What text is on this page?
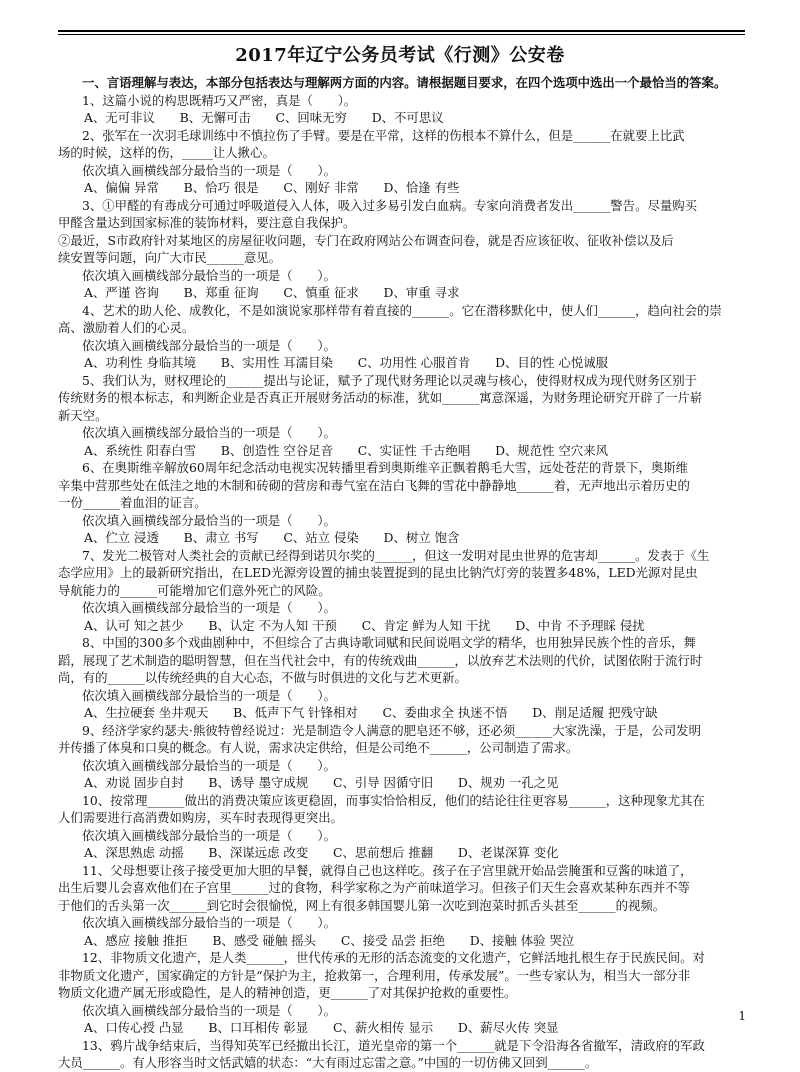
2017年辽宁公务员考试《行测》公安卷
一、言语理解与表达，本部分包括表达与理解两方面的内容。请根据题目要求，在四个选项中选出一个最恰当的答案。
1、这篇小说的构思既精巧又严密，真是（　　）。
A、无可非议　　B、无懈可击　　C、回味无穷　　D、不可思议
2、张军在一次羽毛球训练中不慎拉伤了手臂。要是在平常，这样的伤根本不算什么，但是______在就要上比武
场的时候，这样的伤，_____让人揪心。
依次填入画横线部分最恰当的一项是（　　）。
A、偏偏 异常　　B、恰巧 很是　　C、刚好 非常　　D、恰逢 有些
3、①甲醛的有毒成分可通过呼吸道侵入人体，吸入过多易引发白血病。专家向消费者发出______警告。尽量购买
甲醛含量达到国家标准的装饰材料，要注意自我保护。
②最近，S市政府针对某地区的房屋征收问题，专门在政府网站公布调查问卷，就是否应该征收、征收补偿以及后
续安置等问题，向广大市民______意见。
依次填入画横线部分最恰当的一项是（　　）。
A、严谨 咨询　　B、郑重 征询　　C、慎重 征求　　D、审重 寻求
4、艺术的助人伦、成教化，不是如演说家那样带有着直接的______。它在潜移默化中，使人们______，趋向社会的崇
高、激励着人们的心灵。
依次填入画横线部分最恰当的一项是（　　）。
A、功利性 身临其境　　B、实用性 耳濡目染　　C、功用性 心服首肯　　D、目的性 心悦诚服
5、我们认为，财权理论的______提出与论证，赋予了现代财务理论以灵魂与核心，使得财权成为现代财务区别于
传统财务的根本标志，和判断企业是否真正开展财务活动的标准，犹如______寓意深遥，为财务理论研究开辟了一片崭
新天空。
依次填入画横线部分最恰当的一项是（　　）。
A、系统性 阳春白雪　　B、创造性 空谷足音　　C、实证性 千古绝唱　　D、规范性 空穴来风
6、在奥斯维辛解放60周年纪念活动电视实况转播里看到奥斯维辛正飘着鹅毛大雪，远处苍茫的背景下，奥斯维
辛集中营那些处在低洼之地的木制和砖砌的营房和毒气室在洁白飞舞的雪花中静静地______着，无声地出示着历史的
一份______着血泪的证言。
依次填入画横线部分最恰当的一项是（　　）。
A、伫立 浸透　　B、肃立 书写　　C、站立 侵染　　D、树立 饱含
7、发光二极管对人类社会的贡献已经得到诺贝尔奖的______，但这一发明对昆虫世界的危害却______。发表于《生
态学应用》上的最新研究指出，在LED光源旁设置的捕虫装置捉到的昆虫比钠汽灯旁的装置多48%，LED光源对昆虫
导航能力的______可能增加它们意外死亡的风险。
依次填入画横线部分最恰当的一项是（　　）。
A、认可 知之甚少　　B、认定 不为人知 干预　　C、肯定 鲜为人知 干扰　　D、中肯 不予理睬 侵扰
8、中国的300多个戏曲剧种中，不但综合了古典诗歌词赋和民间说唱文学的精华，也用独异民族个性的音乐，舞
蹈，展现了艺术制造的聪明智慧，但在当代社会中，有的传统戏曲______，以放弃艺术法则的代价，试图依附于流行时
尚，有的______以传统经典的自大心态，不做与时俱进的文化与艺术更新。
依次填入画横线部分最恰当的一项是（　　）。
A、生拉硬套 坐井观天　　B、低声下气 针锋相对　　C、委曲求全 执迷不悟　　D、削足适履 把残守缺
9、经济学家约瑟夫·熊彼特曾经说过：光是制造令人满意的肥皂还不够，还必须______大家洗澡，于是，公司发明
并传播了体臭和口臭的概念。有人说，需求决定供给，但是公司绝不______，公司制造了需求。
依次填入画横线部分最恰当的一项是（　　）。
A、劝说 固步自封　　B、诱导 墨守成规　　C、引导 因循守旧　　D、规劝 一孔之见
10、按常理______做出的消费决策应该更稳固，而事实恰恰相反，他们的结论往往更容易______，这种现象尤其在
人们需要进行高消费如购房，买车时表现得更突出。
依次填入画横线部分最恰当的一项是（　　）。
A、深思熟虑 动摇　　B、深谋远虑 改变　　C、思前想后 推翻　　D、老谋深算 变化
11、父母想要让孩子接受更加大胆的早餐，就得自己也这样吃。孩子在子宫里就开始品尝腌蛋和豆酱的味道了，
出生后婴儿会喜欢他们在子宫里______过的食物，科学家称之为产前味道学习。但孩子们天生会喜欢某种东西并不等
于他们的舌头第一次______到它时会很愉悦，网上有很多韩国婴儿第一次吃到泡菜时抓舌头甚至______的视频。
依次填入画横线部分最恰当的一项是（　　）。
A、感应 接触 推拒　　B、感受 碰触 摇头　　C、接受 品尝 拒绝　　D、接触 体验 哭泣
12、非物质文化遗产，是人类______，世代传承的无形的活态流变的文化遗产，它鲜活地扎根生存于民族民间。对
非物质文化遗产，国家确定的方针是“保护为主，抢救第一，合理利用，传承发展”。一些专家认为，相当大一部分非
物质文化遗产属无形或隐性，是人的精神创造，更______了对其保护抢救的重要性。
依次填入画横线部分最恰当的一项是（　　）。
A、口传心授 凸显　　B、口耳相传 彰显　　C、薪火相传 显示　　D、薪尽火传 突显
13、鸦片战争结束后，当得知英军已经撤出长江，道光皇帝的第一个______就是下令沿海各省撤军，清政府的军政
大员______。有人形容当时文恬武嬉的状态：“大有雨过忘雷之意。”中国的一切仿佛又回到______。
1
